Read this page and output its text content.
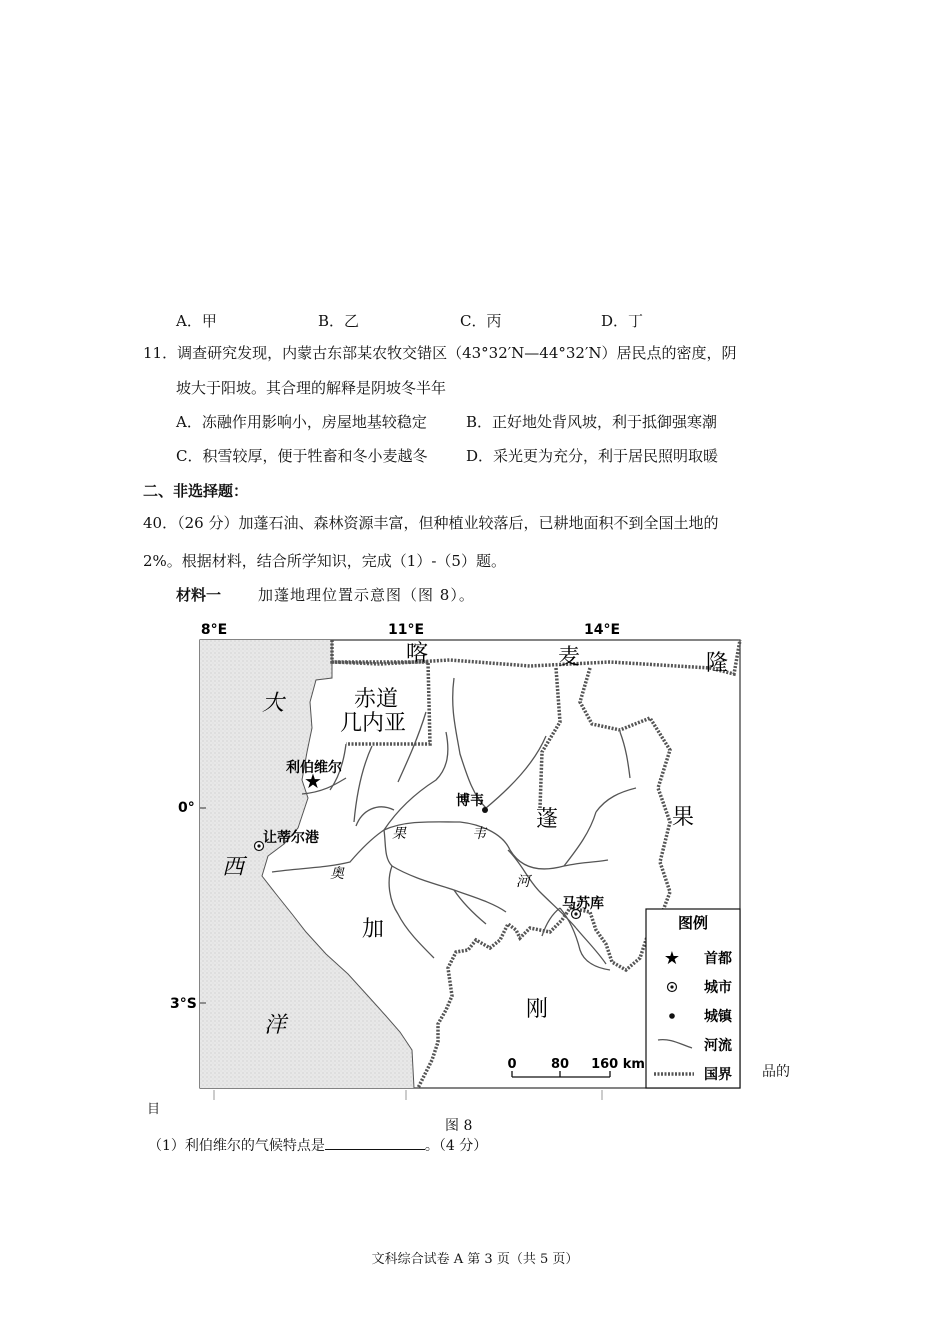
A．甲	B．乙	C．丙	D．丁
11．调查研究发现，内蒙古东部某农牧交错区（43°32′N—44°32′N）居民点的密度，阴
坡大于阳坡。其合理的解释是阴坡冬半年
A．冻融作用影响小，房屋地基较稳定	B．正好地处背风坡，利于抵御强寒潮
C．积雪较厚，便于牲畜和冬小麦越冬	D．采光更为充分，利于居民照明取暖
二、非选择题：
40．（26 分）加蓬石油、森林资源丰富，但种植业较落后，已耕地面积不到全国土地的
2%。根据材料，结合所学知识，完成（1）-（5）题。
材料一 加蓬地理位置示意图（图 8）。
8°E	11°E	14°E
0°
3°S
大
西
洋
喀	麦	隆
赤道
几内亚
蓬
加
刚
果
奥
果	韦
河
★
利伯维尔
让蒂尔港
博韦
马苏库
0	80 160 km
图例
★ 首都
城市
城镇
河流
国界 品的
目
图 8
（1）利伯维尔的气候特点是	。（4 分）
文科综合试卷 A 第 3 页（共 5 页）
